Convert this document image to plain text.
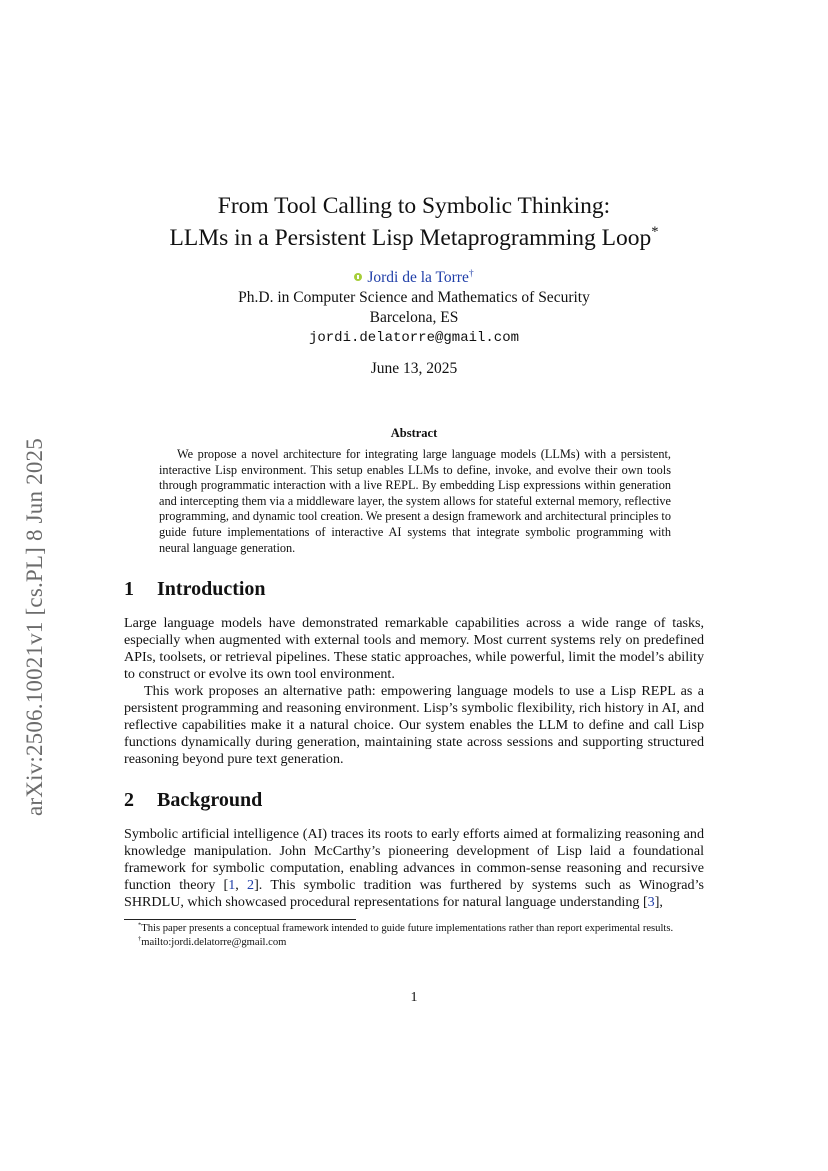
arXiv:2506.10021v1 [cs.PL] 8 Jun 2025
From Tool Calling to Symbolic Thinking:
LLMs in a Persistent Lisp Metaprogramming Loop*
Jordi de la Torre†
Ph.D. in Computer Science and Mathematics of Security
Barcelona, ES
jordi.delatorre@gmail.com
June 13, 2025
Abstract
We propose a novel architecture for integrating large language models (LLMs) with a persistent, interactive Lisp environment. This setup enables LLMs to define, invoke, and evolve their own tools through programmatic interaction with a live REPL. By embedding Lisp expressions within generation and intercepting them via a middleware layer, the system allows for stateful external memory, reflective programming, and dynamic tool creation. We present a design framework and architectural principles to guide future implementations of interactive AI systems that integrate symbolic programming with neural language generation.
1 Introduction
Large language models have demonstrated remarkable capabilities across a wide range of tasks, especially when augmented with external tools and memory. Most current systems rely on predefined APIs, toolsets, or retrieval pipelines. These static approaches, while powerful, limit the model’s ability to construct or evolve its own tool environment.
This work proposes an alternative path: empowering language models to use a Lisp REPL as a persistent programming and reasoning environment. Lisp’s symbolic flexibility, rich history in AI, and reflective capabilities make it a natural choice. Our system enables the LLM to define and call Lisp functions dynamically during generation, maintaining state across sessions and supporting structured reasoning beyond pure text generation.
2 Background
Symbolic artificial intelligence (AI) traces its roots to early efforts aimed at formalizing reasoning and knowledge manipulation. John McCarthy’s pioneering development of Lisp laid a foundational framework for symbolic computation, enabling advances in common-sense reasoning and recursive function theory [1, 2]. This symbolic tradition was furthered by systems such as Winograd’s SHRDLU, which showcased procedural representations for natural language understanding [3],
*This paper presents a conceptual framework intended to guide future implementations rather than report experimental results.
†mailto:jordi.delatorre@gmail.com
1
